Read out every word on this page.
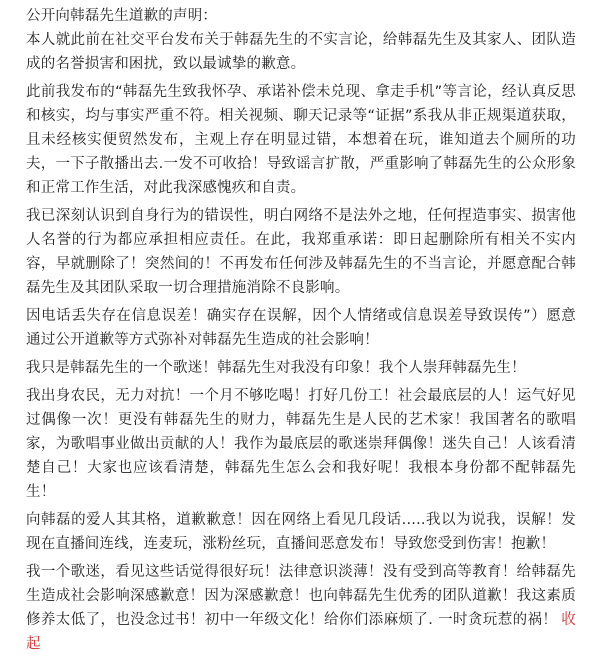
公开向韩磊先生道歉的声明：

本人就此前在社交平台发布关于韩磊先生的不实言论，给韩磊先生及其家人、团队造成的名誉损害和困扰，致以最诚挚的歉意。

此前我发布的“韩磊先生致我怀孕、承诺补偿未兑现、拿走手机”等言论，经认真反思和核实，均与事实严重不符。相关视频、聊天记录等“证据”系我从非正规渠道获取，且未经核实便贸然发布，主观上存在明显过错，本想着在玩，谁知道去个厕所的功夫，一下子散播出去.一发不可收拾！导致谣言扩散，严重影响了韩磊先生的公众形象和正常工作生活，对此我深感愧疚和自责。

我已深刻认识到自身行为的错误性，明白网络不是法外之地，任何捏造事实、损害他人名誉的行为都应承担相应责任。在此，我郑重承诺：即日起删除所有相关不实内容，早就删除了！突然间的！不再发布任何涉及韩磊先生的不当言论，并愿意配合韩磊先生及其团队采取一切合理措施消除不良影响。

因电话丢失存在信息误差！确实存在误解，因个人情绪或信息误差导致误传”）愿意通过公开道歉等方式弥补对韩磊先生造成的社会影响！

我只是韩磊先生的一个歌迷！韩磊先生对我没有印象！我个人崇拜韩磊先生！

我出身农民，无力对抗！一个月不够吃喝！打好几份工！社会最底层的人！运气好见过偶像一次！更没有韩磊先生的财力，韩磊先生是人民的艺术家！我国著名的歌唱家，为歌唱事业做出贡献的人！我作为最底层的歌迷崇拜偶像！迷失自己！人该看清楚自己！大家也应该看清楚，韩磊先生怎么会和我好呢！我根本身份都不配韩磊先生！

向韩磊的爱人其其格，道歉歉意！因在网络上看见几段话.....我以为说我，误解！发现在直播间连线，连麦玩，涨粉丝玩，直播间恶意发布！导致您受到伤害！抱歉！

我一个歌迷，看见这些话觉得很好玩！法律意识淡薄！没有受到高等教育！给韩磊先生造成社会影响深感歉意！因为深感歉意！也向韩磊先生优秀的团队道歉！我这素质修养太低了，也没念过书！初中一年级文化！给你们添麻烦了. 一时贪玩惹的祸！ 收起
